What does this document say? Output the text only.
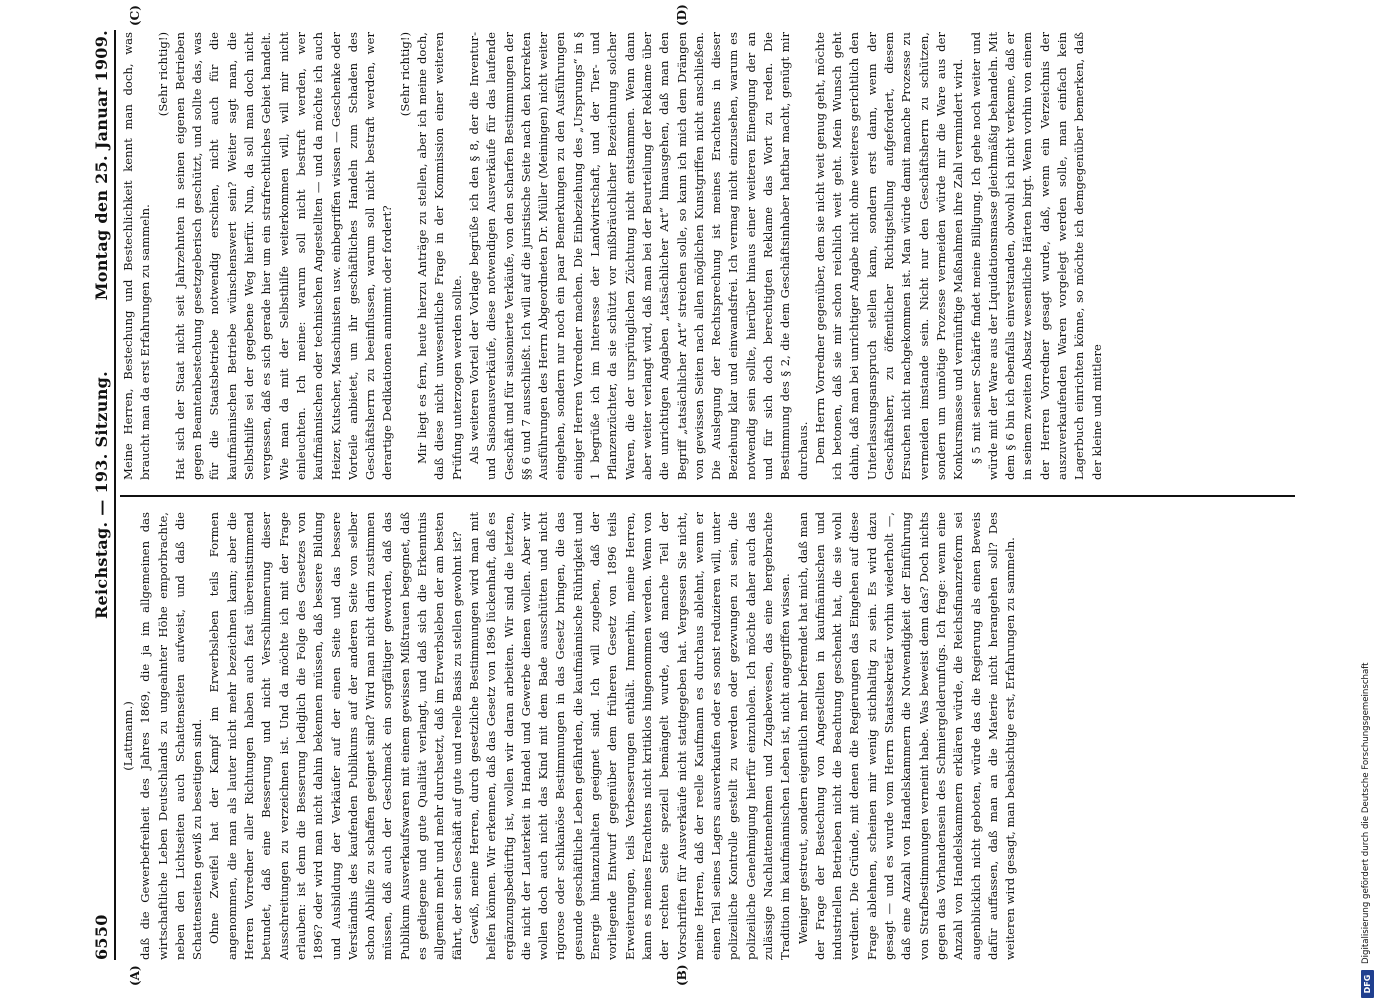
6550
Reichstag. — 193. Sitzung.
Montag den 25. Januar 1909.
(A)	(B)
(C)	(D)

(Lattmann.) daß die Gewerbefreiheit des Jahres 1869, die ja im allgemeinen das wirtschaftliche Leben Deutschlands zu ungeahnter Höhe emporbrachte, neben den Lichtseiten auch Schattenseiten aufweist, und daß die Schattenseiten gewiß zu beseitigen sind. Ohne Zweifel hat der Kampf im Erwerbsleben teils Formen angenommen, die man als lauter nicht mehr bezeichnen kann; aber die Herren Vorredner aller Richtungen haben auch fast übereinstimmend betundet, daß eine Besserung und nicht Verschlimmerung dieser Ausschreitungen zu verzeichnen ist. Und da möchte ich mit der Frage erlauben: ist denn die Besserung lediglich die Folge des Gesetzes von 1896? oder wird man nicht dahin bekennen müssen, daß bessere Bildung und Ausbildung der Verkäufer auf der einen Seite und das bessere Verständnis des kaufenden Publikums auf der anderen Seite von selber schon Abhilfe zu schaffen geeignet sind? Wird man nicht darin zustimmen müssen, daß auch der Geschmack ein sorgfältiger geworden, daß das Publikum Ausverkaufswaren mit einem gewissen Mißtrauen begegnet, daß es gediegene und gute Qualität verlangt, und daß sich die Erkenntnis allgemein mehr und mehr durchsetzt, daß im Erwerbsleben der am besten fährt, der sein Geschäft auf gute und reelle Basis zu stellen gewohnt ist? Gewiß, meine Herren, durch gesetzliche Bestimmungen wird man mit helfen können. Wir erkennen, daß das Gesetz von 1896 lückenhaft, daß es ergänzungsbedürftig ist, wollen wir daran arbeiten. Wir sind die letzten, die nicht der Lauterkeit in Handel und Gewerbe dienen wollen. Aber wir wollen doch auch nicht das Kind mit dem Bade ausschütten und nicht rigorose oder schikanöse Bestimmungen in das Gesetz bringen, die das gesunde geschäftliche Leben gefährden, die kaufmännische Rührigkeit und Energie hintanzuhalten geeignet sind. Ich will zugeben, daß der vorliegende Entwurf gegenüber dem früheren Gesetz von 1896 teils Erweiterungen, teils Verbesserungen enthält. Immerhin, meine Herren, kann es meines Erachtens nicht kritiklos hingenommen werden. Wenn von der rechten Seite speziell bemängelt wurde, daß manche Teil der Vorschriften für Ausverkäufe nicht stattgegeben hat. Vergessen Sie nicht, meine Herren, daß der reelle Kaufmann es durchaus ablehnt, wenn er einen Teil seines Lagers ausverkaufen oder es sonst reduzieren will, unter polizeiliche Kontrolle gestellt zu werden oder gezwungen zu sein, die polizeiliche Genehmigung hierfür einzuholen. Ich möchte daher auch das zulässige Nachlattennehmen und Zugabewesen, das eine hergebrachte Tradition im kaufmännischen Leben ist, nicht angegriffen wissen. Weniger gestreut, sondern eigentlich mehr befremdet hat mich, daß man der Frage der Bestechung von Angestellten in kaufmännischen und industriellen Betrieben nicht die Beachtung geschenkt hat, die sie wohl verdient. Die Gründe, mit denen die Regierungen das Eingehen auf diese Frage ablehnen, scheinen mir wenig stichhaltig zu sein. Es wird dazu gesagt — und es wurde vom Herrn Staatssekretär vorhin wiederholt —, daß eine Anzahl von Handelskammern die Notwendigkeit der Einführung von Strafbestimmungen verneint habe. Was beweist denn das? Doch nichts gegen das Vorhandensein des Schmiergelderunfugs. Ich frage: wenn eine Anzahl von Handelskammern erklären würde, die Reichsfinanzreform sei augenblicklich nicht geboten, würde das die Regierung als einen Beweis dafür auffassen, daß man an die Materie nicht herangehen soll? Des weiteren wird gesagt, man beabsichtige erst, Erfahrungen zu sammeln.

Meine Herren, Bestechung und Bestechlichkeit kennt man doch, was braucht man da erst Erfahrungen zu sammeln.

(Sehr richtig!) Hat sich der Staat nicht seit Jahrzehnten in seinen eigenen Betrieben gegen Beamtenbestechung gesetzgeberisch geschützt, und sollte das, was für die Staatsbetriebe notwendig erschien, nicht auch für die kaufmännischen Betriebe wünschenswert sein? Weiter sagt man, die Selbsthilfe sei der gegebene Weg hierfür. Nun, da soll man doch nicht vergessen, daß es sich gerade hier um ein strafrechtliches Gebiet handelt. Wie man da mit der Selbsthilfe weiterkommen will, will mir nicht einleuchten. Ich meine: warum soll nicht bestraft werden, wer kaufmännischen oder technischen Angestellten — und da möchte ich auch Heizer, Kutscher, Maschinisten usw. einbegriffen wissen — Geschenke oder Vorteile anbietet, um ihr geschäftliches Handeln zum Schaden des Geschäftsherrn zu beeinflussen, warum soll nicht bestraft werden, wer derartige Dedikationen annimmt oder fordert?

(Sehr richtig!) Mir liegt es fern, heute hierzu Anträge zu stellen, aber ich meine doch, daß diese nicht unwesentliche Frage in der Kommission einer weiteren Prüfung unterzogen werden sollte. Als weiteren Vorteil der Vorlage begrüße ich den § 8, der die Inventur- und Saisonausverkäufe, diese notwendigen Ausverkäufe für das laufende Geschäft und für saisonierte Verkäufe, von den scharfen Bestimmungen der §§ 6 und 7 ausschließt. Ich will auf die juristische Seite nach den korrekten Ausführungen des Herrn Abgeordneten Dr. Müller (Meiningen) nicht weiter eingehen, sondern nur noch ein paar Bemerkungen zu den Ausführungen einiger Herren Vorredner machen. Die Einbeziehung des „Ursprungs“ in § 1 begrüße ich im Interesse der Landwirtschaft, und der Tier- und Pflanzenzüchter, da sie schützt vor mißbräuchlicher Bezeichnung solcher Waren, die der ursprünglichen Züchtung nicht entstammen. Wenn dann aber weiter verlangt wird, daß man bei der Beurteilung der Reklame über die unrichtigen Angaben „tatsächlicher Art“ hinausgehen, daß man den Begriff „tatsächlicher Art“ streichen solle, so kann ich mich dem Drängen von gewissen Seiten nach allen möglichen Kunstgriffen nicht anschließen. Die Auslegung der Rechtsprechung ist meines Erachtens in dieser Beziehung klar und einwandsfrei. Ich vermag nicht einzusehen, warum es notwendig sein sollte, hierüber hinaus einer weiteren Einengung der an und für sich doch berechtigten Reklame das Wort zu reden. Die Bestimmung des § 2, die dem Geschäftsinhaber haftbar macht, genügt mir durchaus. Dem Herrn Vorredner gegenüber, dem sie nicht weit genug geht, möchte ich betonen, daß sie mir schon reichlich weit geht. Mein Wunsch geht dahin, daß man bei unrichtiger Angabe nicht ohne weiteres gerichtlich den Unterlassungsanspruch stellen kann, sondern erst dann, wenn der Geschäftsherr, zu öffentlicher Richtigstellung aufgefordert, diesem Ersuchen nicht nachgekommen ist. Man würde damit manche Prozesse zu vermeiden imstande sein. Nicht nur den Geschäftsherrn zu schützen, sondern um unnötige Prozesse vermeiden würde mir die Ware aus der Konkursmasse und vernünftige Maßnahmen ihre Zahl vermindert wird. § 5 mit seiner Schärfe findet meine Billigung. Ich gehe noch weiter und würde mit der Ware aus der Liquidationsmasse gleichmäßig behandeln. Mit dem § 6 bin ich ebenfalls einverstanden, obwohl ich nicht verkenne, daß er in seinem zweiten Absatz wesentliche Härten birgt. Wenn vorhin von einem der Herren Vorredner gesagt wurde, daß, wenn ein Verzeichnis der auszuverkaufenden Waren vorgelegt werden solle, man einfach kein Lagerbuch einrichten könne, so möchte ich demgegenüber bemerken, daß der kleine und mittlere

DFG
Digitalisierung gefördert durch die Deutsche Forschungsgemeinschaft
